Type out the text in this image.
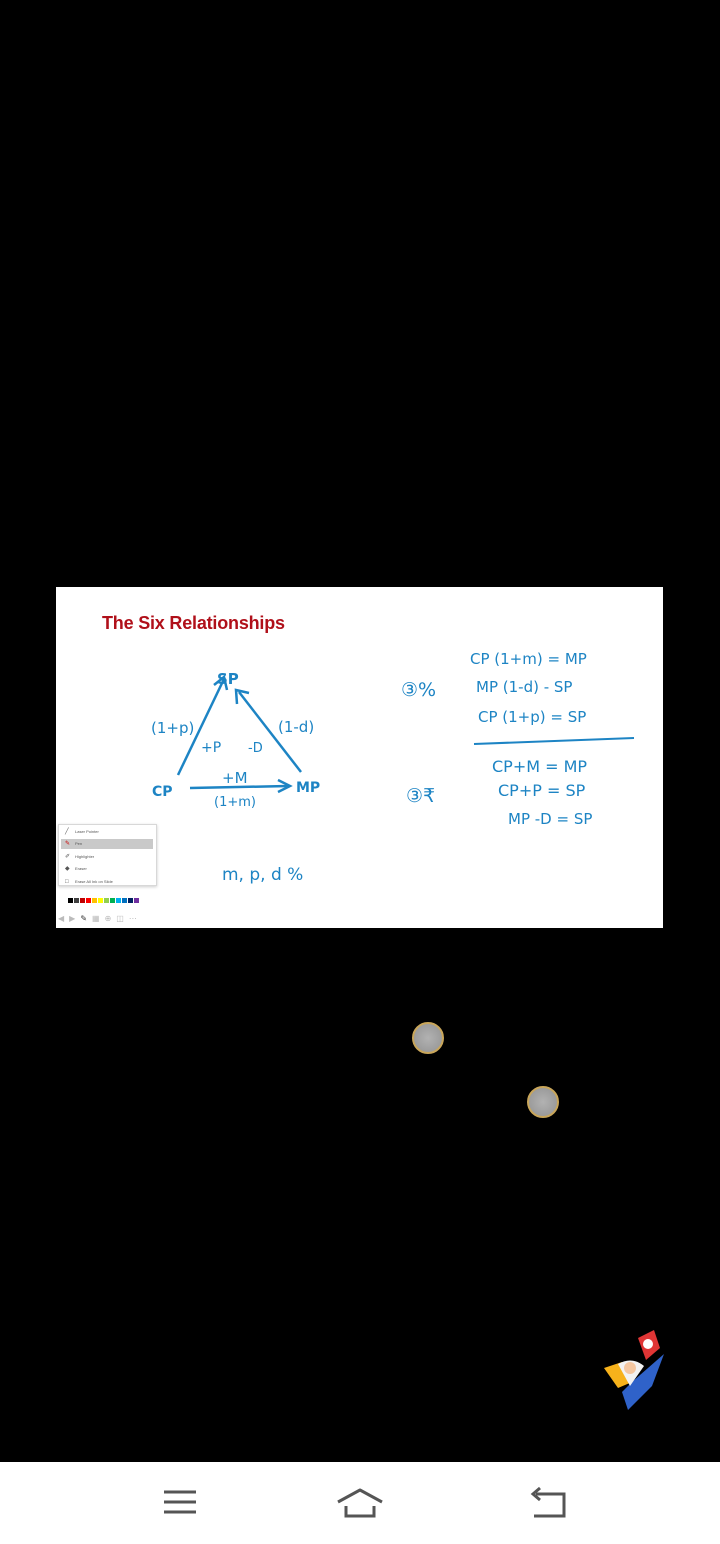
The Six Relationships
SP
CP	MP
(1+p)
+P
(1-d)
-D
+M
(1+m)
③%
CP (1+m) = MP
MP (1-d) - SP
CP (1+p) = SP
③₹
CP+M = MP
CP+P = SP
MP -D = SP
m, p, d %
╱ Laser Pointer
✎ Pen
✐ Highlighter
◆ Eraser
□ Erase All Ink on Slide
◀ ▶ ✎ ▦ ⊕ ◫ ⋯
